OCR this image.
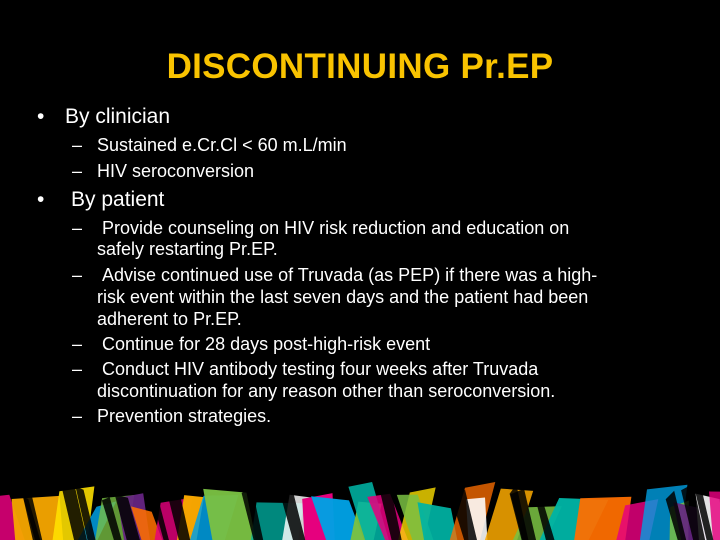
DISCONTINUING Pr.EP
• By clinician
– Sustained e.Cr.Cl < 60 m.L/min
– HIV seroconversion
• By patient
– Provide counseling on HIV risk reduction and education on
safely restarting Pr.EP.
– Advise continued use of Truvada (as PEP) if there was a high-
risk event within the last seven days and the patient had been
adherent to Pr.EP.
– Continue for 28 days post-high-risk event
– Conduct HIV antibody testing four weeks after Truvada
discontinuation for any reason other than seroconversion.
– Prevention strategies.
